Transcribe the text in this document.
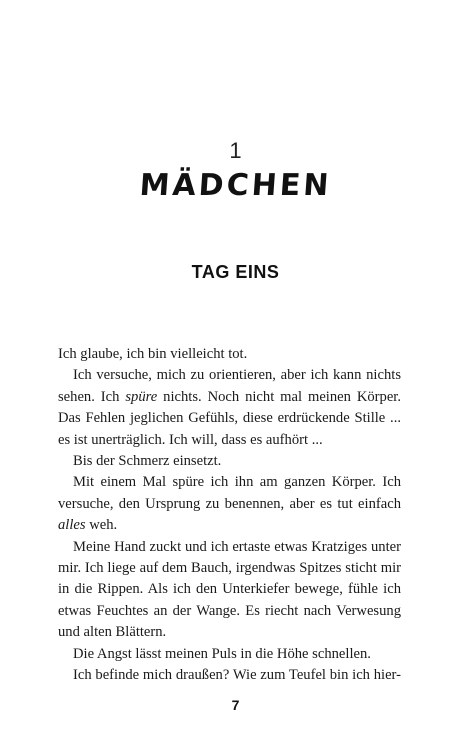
1
MÄDCHEN
TAG EINS

Ich glaube, ich bin vielleicht tot.

Ich versuche, mich zu orientieren, aber ich kann nichts sehen. Ich spüre nichts. Noch nicht mal meinen Körper. Das Fehlen jeglichen Gefühls, diese erdrückende Stille ... es ist unerträglich. Ich will, dass es aufhört ...

Bis der Schmerz einsetzt.

Mit einem Mal spüre ich ihn am ganzen Körper. Ich versuche, den Ursprung zu benennen, aber es tut einfach alles weh.

Meine Hand zuckt und ich ertaste etwas Kratziges unter mir. Ich liege auf dem Bauch, irgendwas Spitzes sticht mir in die Rippen. Als ich den Unterkiefer bewege, fühle ich etwas Feuchtes an der Wange. Es riecht nach Verwesung und alten Blättern.

Die Angst lässt meinen Puls in die Höhe schnellen.

Ich befinde mich draußen? Wie zum Teufel bin ich hier-

7
